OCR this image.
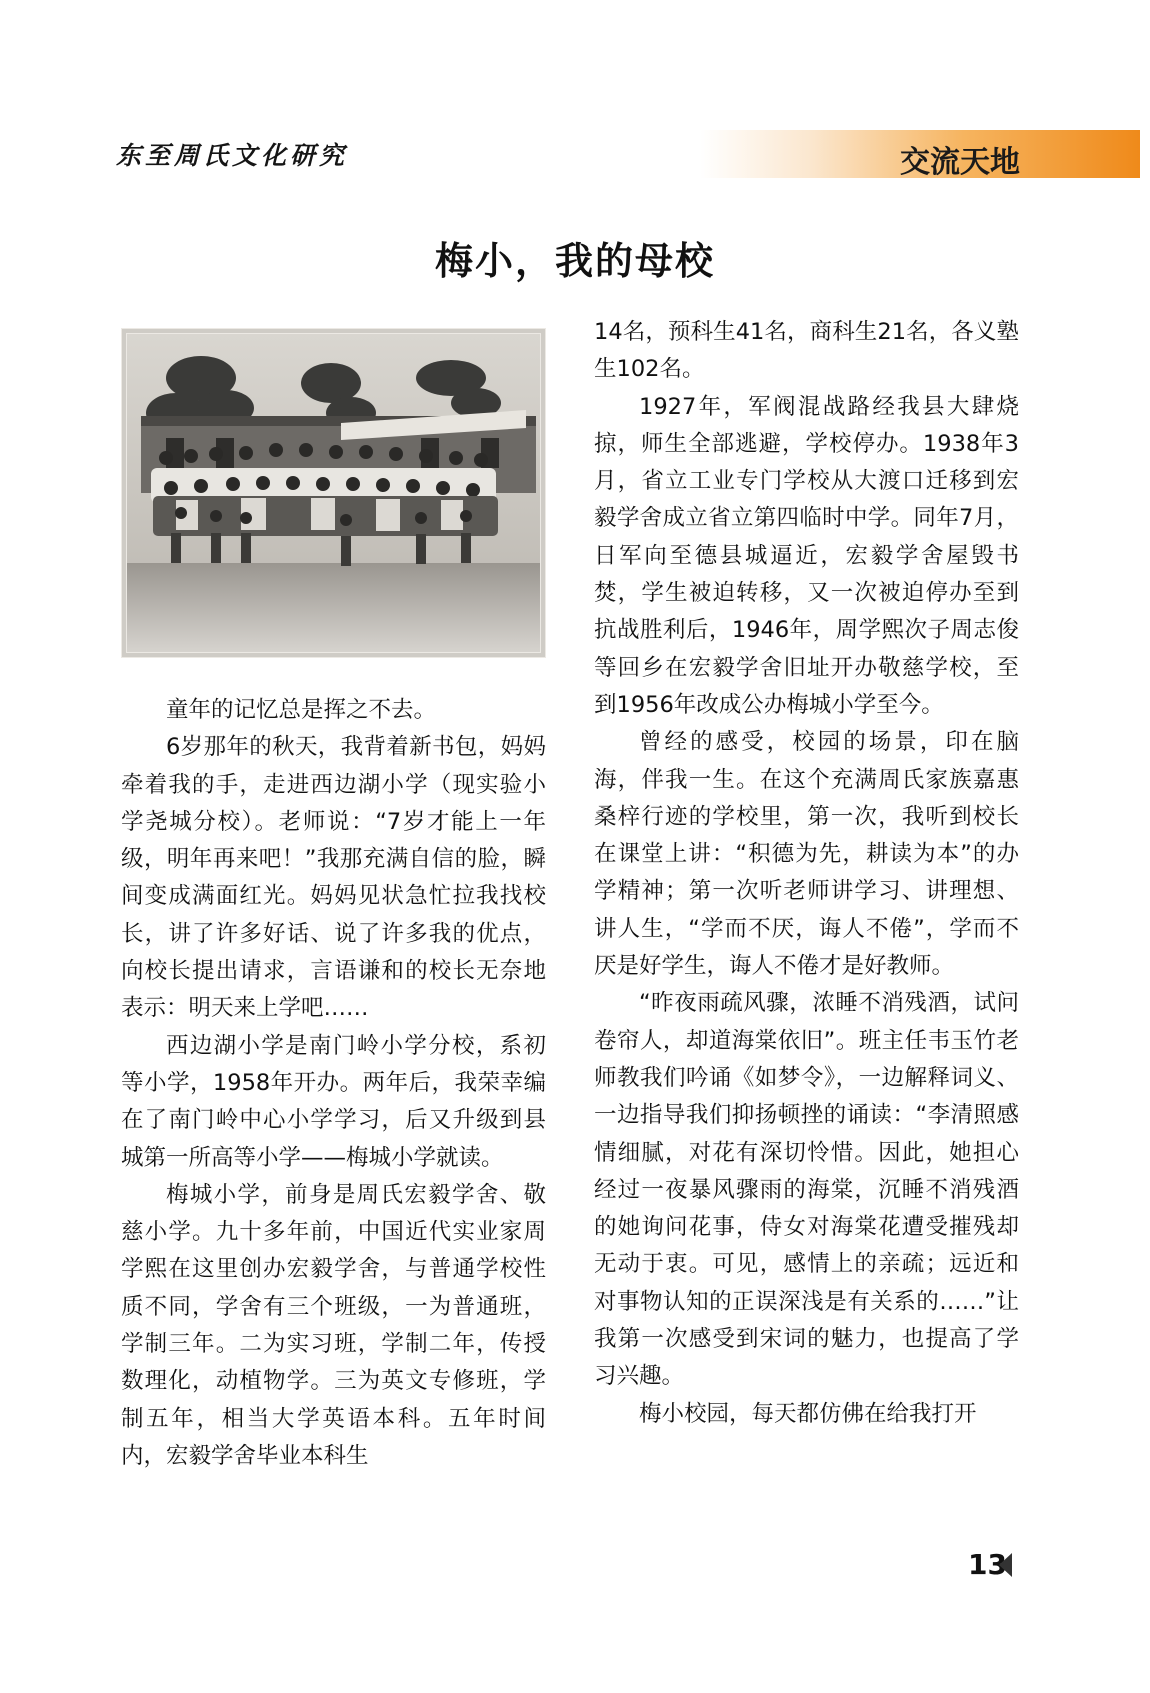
东至周氏文化研究	交流天地
梅小，我的母校

童年的记忆总是挥之不去。

6岁那年的秋天，我背着新书包，妈妈牵着我的手，走进西边湖小学（现实验小学尧城分校）。老师说：“7岁才能上一年级，明年再来吧！”我那充满自信的脸，瞬间变成满面红光。妈妈见状急忙拉我找校长，讲了许多好话、说了许多我的优点，向校长提出请求，言语谦和的校长无奈地表示：明天来上学吧……

西边湖小学是南门岭小学分校，系初等小学，1958年开办。两年后，我荣幸编在了南门岭中心小学学习，后又升级到县城第一所高等小学——梅城小学就读。

梅城小学，前身是周氏宏毅学舍、敬慈小学。九十多年前，中国近代实业家周学熙在这里创办宏毅学舍，与普通学校性质不同，学舍有三个班级，一为普通班，学制三年。二为实习班，学制二年，传授数理化，动植物学。三为英文专修班，学制五年，相当大学英语本科。五年时间内，宏毅学舍毕业本科生

14名，预科生41名，商科生21名，各义塾生102名。

1927年，军阀混战路经我县大肆烧掠，师生全部逃避，学校停办。1938年3月，省立工业专门学校从大渡口迁移到宏毅学舍成立省立第四临时中学。同年7月，日军向至德县城逼近，宏毅学舍屋毁书焚，学生被迫转移，又一次被迫停办至到抗战胜利后，1946年，周学熙次子周志俊等回乡在宏毅学舍旧址开办敬慈学校，至到1956年改成公办梅城小学至今。

曾经的感受，校园的场景，印在脑海，伴我一生。在这个充满周氏家族嘉惠桑梓行迹的学校里，第一次，我听到校长在课堂上讲：“积德为先，耕读为本”的办学精神；第一次听老师讲学习、讲理想、讲人生，“学而不厌，诲人不倦”，学而不厌是好学生，诲人不倦才是好教师。

“昨夜雨疏风骤，浓睡不消残酒，试问卷帘人，却道海棠依旧”。班主任韦玉竹老师教我们吟诵《如梦令》，一边解释词义、一边指导我们抑扬顿挫的诵读：“李清照感情细腻，对花有深切怜惜。因此，她担心经过一夜暴风骤雨的海棠，沉睡不消残酒的她询问花事，侍女对海棠花遭受摧残却无动于衷。可见，感情上的亲疏；远近和对事物认知的正误深浅是有关系的……”让我第一次感受到宋词的魅力，也提高了学习兴趣。

梅小校园，每天都仿佛在给我打开

13
